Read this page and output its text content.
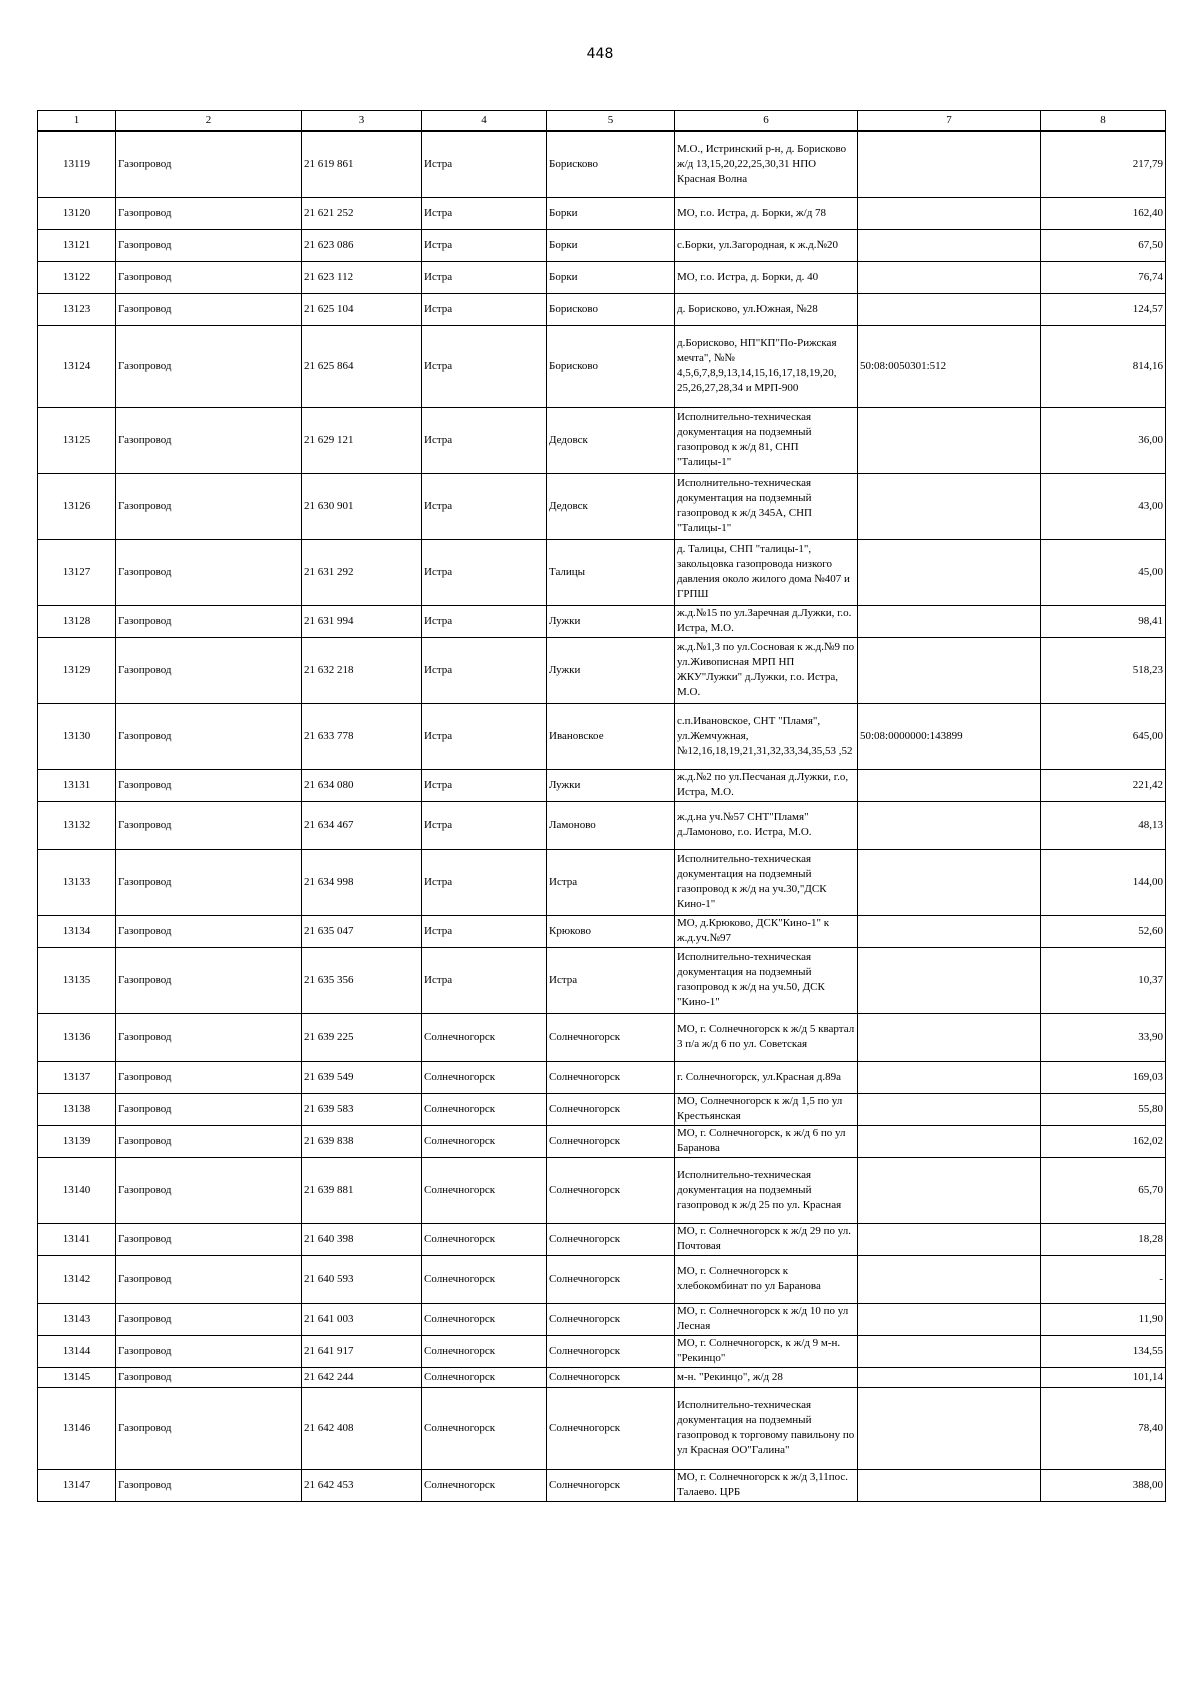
448
1	2	3	4	5	6	7	8
13119	Газопровод	21 619 861	Истра	Борисково	М.О., Истринский р-н, д. Борисково ж/д 13,15,20,22,25,30,31 НПО Красная Волна		217,79
13120	Газопровод	21 621 252	Истра	Борки	МО, г.о. Истра, д. Борки, ж/д 78		162,40
13121	Газопровод	21 623 086	Истра	Борки	с.Борки, ул.Загородная, к ж.д.№20		67,50
13122	Газопровод	21 623 112	Истра	Борки	МО, г.о. Истра, д. Борки, д. 40		76,74
13123	Газопровод	21 625 104	Истра	Борисково	д. Борисково, ул.Южная, №28		124,57
13124	Газопровод	21 625 864	Истра	Борисково	д.Борисково, НП"КП"По-Рижская мечта", №№ 4,5,6,7,8,9,13,14,15,16,17,18,19,20, 25,26,27,28,34 и МРП-900	50:08:0050301:512	814,16
13125	Газопровод	21 629 121	Истра	Дедовск	Исполнительно-техническая документация на подземный газопровод к ж/д 81, СНП "Талицы-1"		36,00
13126	Газопровод	21 630 901	Истра	Дедовск	Исполнительно-техническая документация на подземный газопровод к ж/д 345А, СНП "Талицы-1"		43,00
13127	Газопровод	21 631 292	Истра	Талицы	д. Талицы, СНП "талицы-1", закольцовка газопровода низкого давления около жилого дома №407 и ГРПШ		45,00
13128	Газопровод	21 631 994	Истра	Лужки	ж.д.№15 по ул.Заречная д.Лужки, г.о. Истра, М.О.		98,41
13129	Газопровод	21 632 218	Истра	Лужки	ж.д.№1,3 по ул.Сосновая к ж.д.№9 по ул.Живописная МРП НП ЖКУ"Лужки" д.Лужки, г.о. Истра, М.О.		518,23
13130	Газопровод	21 633 778	Истра	Ивановское	с.п.Ивановское, СНТ "Пламя", ул.Жемчужная, №12,16,18,19,21,31,32,33,34,35,53 ,52	50:08:0000000:143899	645,00
13131	Газопровод	21 634 080	Истра	Лужки	ж.д.№2 по ул.Песчаная д.Лужки, г.о, Истра, М.О.		221,42
13132	Газопровод	21 634 467	Истра	Ламоново	ж.д.на уч.№57 СНТ"Пламя" д.Ламоново, г.о. Истра, М.О.		48,13
13133	Газопровод	21 634 998	Истра	Истра	Исполнительно-техническая документация на подземный газопровод к ж/д на уч.30,"ДСК Кино-1"		144,00
13134	Газопровод	21 635 047	Истра	Крюково	МО, д.Крюково, ДСК"Кино-1" к ж.д.уч.№97		52,60
13135	Газопровод	21 635 356	Истра	Истра	Исполнительно-техническая документация на подземный газопровод к ж/д на уч.50, ДСК "Кино-1"		10,37
13136	Газопровод	21 639 225	Солнечногорск	Солнечногорск	МО, г. Солнечногорск к ж/д 5 квартал 3 п/а ж/д 6 по ул. Советская		33,90
13137	Газопровод	21 639 549	Солнечногорск	Солнечногорск	г. Солнечногорск, ул.Красная д.89а		169,03
13138	Газопровод	21 639 583	Солнечногорск	Солнечногорск	МО, Солнечногорск к ж/д 1,5 по ул Крестьянская		55,80
13139	Газопровод	21 639 838	Солнечногорск	Солнечногорск	МО, г. Солнечногорск, к ж/д 6 по ул Баранова		162,02
13140	Газопровод	21 639 881	Солнечногорск	Солнечногорск	Исполнительно-техническая документация на подземный газопровод к ж/д 25 по ул. Красная		65,70
13141	Газопровод	21 640 398	Солнечногорск	Солнечногорск	МО, г. Солнечногорск к ж/д 29 по ул. Почтовая		18,28
13142	Газопровод	21 640 593	Солнечногорск	Солнечногорск	МО, г. Солнечногорск к хлебокомбинат по ул Баранова		-
13143	Газопровод	21 641 003	Солнечногорск	Солнечногорск	МО, г. Солнечногорск к ж/д 10 по ул Лесная		11,90
13144	Газопровод	21 641 917	Солнечногорск	Солнечногорск	МО, г. Солнечногорск, к ж/д 9 м-н. "Рекинцо"		134,55
13145	Газопровод	21 642 244	Солнечногорск	Солнечногорск	м-н. "Рекинцо", ж/д 28		101,14
13146	Газопровод	21 642 408	Солнечногорск	Солнечногорск	Исполнительно-техническая документация на подземный газопровод к торговому павильону по ул Красная ОО"Галина"		78,40
13147	Газопровод	21 642 453	Солнечногорск	Солнечногорск	МО, г. Солнечногорск к ж/д 3,11пос. Талаево. ЦРБ		388,00
